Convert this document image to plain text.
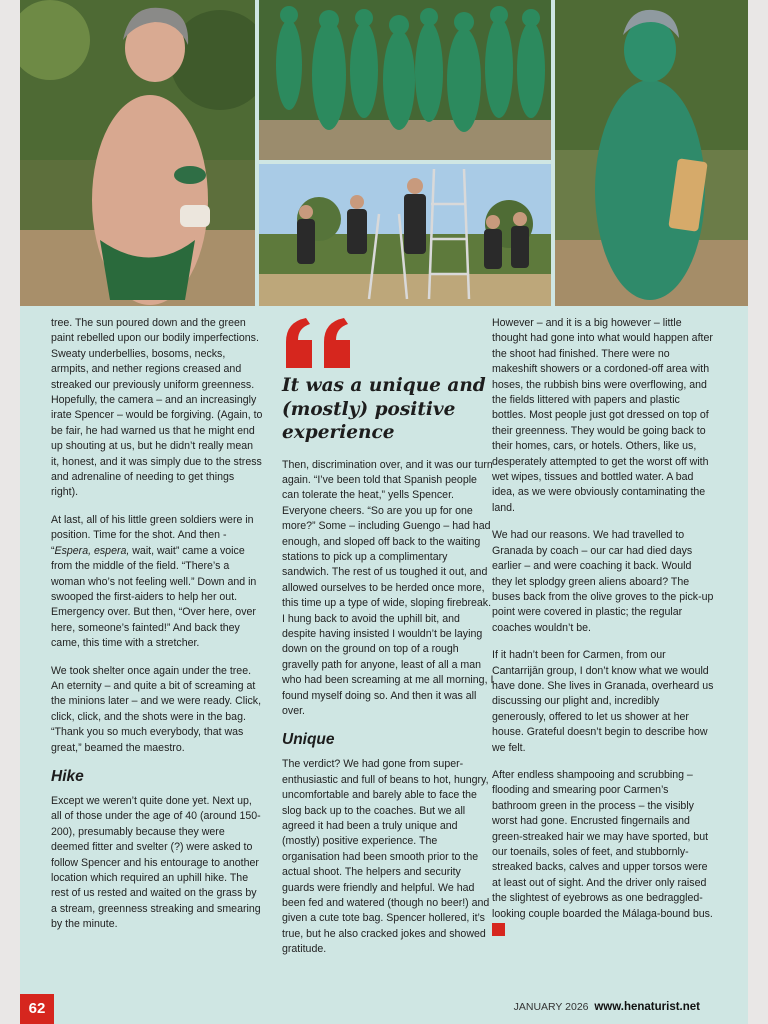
tree. The sun poured down and the green paint rebelled upon our bodily imperfections. Sweaty underbellies, bosoms, necks, armpits, and nether regions creased and streaked our previously uniform greenness. Hopefully, the camera – and an increasingly irate Spencer – would be forgiving. (Again, to be fair, he had warned us that he might end up shouting at us, but he didn’t really mean it, honest, and it was simply due to the stress and adrenaline of needing to get things right).

At last, all of his little green soldiers were in position. Time for the shot. And then - “Espera, espera, wait, wait” came a voice from the middle of the field. “There’s a woman who’s not feeling well.” Down and in swooped the first-aiders to help her out. Emergency over. But then, “Over here, over here, someone’s fainted!” And back they came, this time with a stretcher.

We took shelter once again under the tree. An eternity – and quite a bit of screaming at the minions later – and we were ready. Click, click, click, and the shots were in the bag. “Thank you so much everybody, that was great,” beamed the maestro.

Hike

Except we weren’t quite done yet. Next up, all of those under the age of 40 (around 150-200), presumably because they were deemed fitter and svelter (?) were asked to follow Spencer and his entourage to another location which required an uphill hike. The rest of us rested and waited on the grass by a stream, greenness streaking and smearing by the minute.

It was a unique and (mostly) positive experience

Then, discrimination over, and it was our turn again. “I’ve been told that Spanish people can tolerate the heat,” yells Spencer. Everyone cheers. “So are you up for one more?” Some – including Guengo – had had enough, and sloped off back to the waiting stations to pick up a complimentary sandwich. The rest of us toughed it out, and allowed ourselves to be herded once more, this time up a type of wide, sloping firebreak. I hung back to avoid the uphill bit, and despite having insisted I wouldn’t be laying down on the ground on top of a rough gravelly path for anyone, least of all a man who had been screaming at me all morning, I found myself doing so. And then it was all over.

Unique

The verdict? We had gone from super-enthusiastic and full of beans to hot, hungry, uncomfortable and barely able to face the slog back up to the coaches. But we all agreed it had been a truly unique and (mostly) positive experience. The organisation had been smooth prior to the actual shoot. The helpers and security guards were friendly and helpful. We had been fed and watered (though no beer!) and given a cute tote bag. Spencer hollered, it’s true, but he also cracked jokes and showed gratitude.

However – and it is a big however – little thought had gone into what would happen after the shoot had finished. There were no makeshift showers or a cordoned-off area with hoses, the rubbish bins were overflowing, and the fields littered with papers and plastic bottles. Most people just got dressed on top of their greenness. They would be going back to their homes, cars, or hotels. Others, like us, desperately attempted to get the worst off with wet wipes, tissues and bottled water. A bad idea, as we were obviously contaminating the land.

We had our reasons. We had travelled to Granada by coach – our car had died days earlier – and were coaching it back. Would they let splodgy green aliens aboard? The buses back from the olive groves to the pick-up point were covered in plastic; the regular coaches wouldn’t be.

If it hadn’t been for Carmen, from our Cantarrijān group, I don’t know what we would have done. She lives in Granada, overheard us discussing our plight and, incredibly generously, offered to let us shower at her house. Grateful doesn’t begin to describe how we felt.

After endless shampooing and scrubbing – flooding and smearing poor Carmen’s bathroom green in the process – the visibly worst had gone. Encrusted fingernails and green-streaked hair we may have sported, but our toenails, soles of feet, and stubbornly-streaked backs, calves and upper torsos were at least out of sight. And the driver only raised the slightest of eyebrows as one bedraggled-looking couple boarded the Málaga-bound bus.

62	JANUARY 2026 www.henaturist.net
